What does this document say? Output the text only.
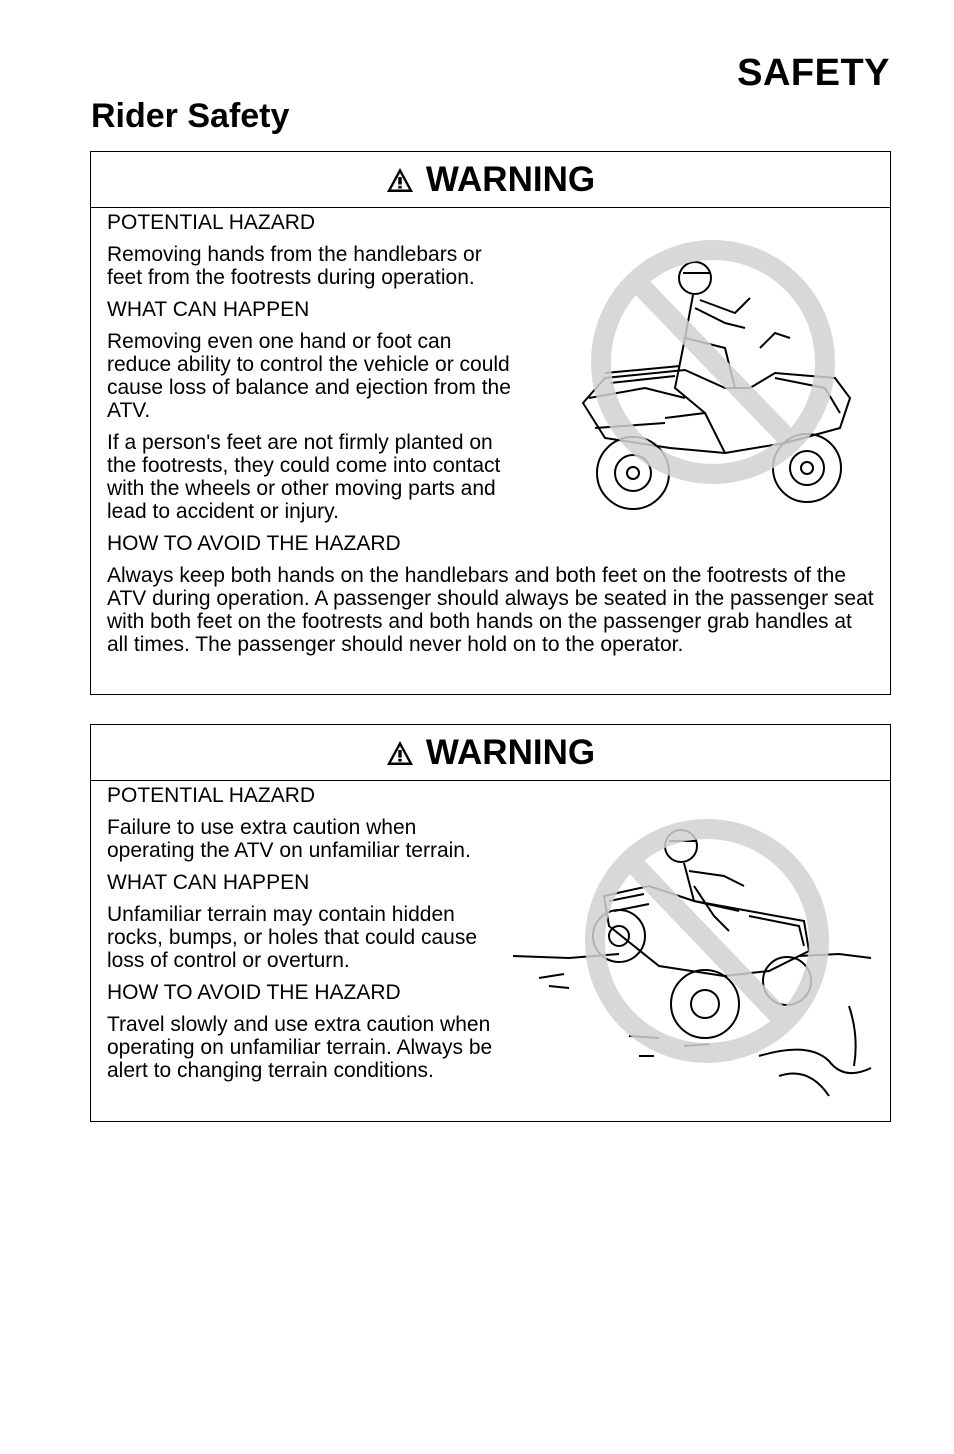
SAFETY
Rider Safety
WARNING

POTENTIAL HAZARD

Removing hands from the handlebars or feet from the footrests during operation.

WHAT CAN HAPPEN

Removing even one hand or foot can reduce ability to control the vehicle or could cause loss of balance and ejection from the ATV.

If a person's feet are not firmly planted on the footrests, they could come into contact with the wheels or other moving parts and lead to accident or injury.

HOW TO AVOID THE HAZARD

Always keep both hands on the handlebars and both feet on the footrests of the ATV during operation. A passenger should always be seated in the passenger seat with both feet on the footrests and both hands on the passenger grab handles at all times. The passenger should never hold on to the operator.

WARNING

POTENTIAL HAZARD

Failure to use extra caution when operating the ATV on unfamiliar terrain.

WHAT CAN HAPPEN

Unfamiliar terrain may contain hidden rocks, bumps, or holes that could cause loss of control or overturn.

HOW TO AVOID THE HAZARD

Travel slowly and use extra caution when operating on unfamiliar terrain. Always be alert to changing terrain conditions.
